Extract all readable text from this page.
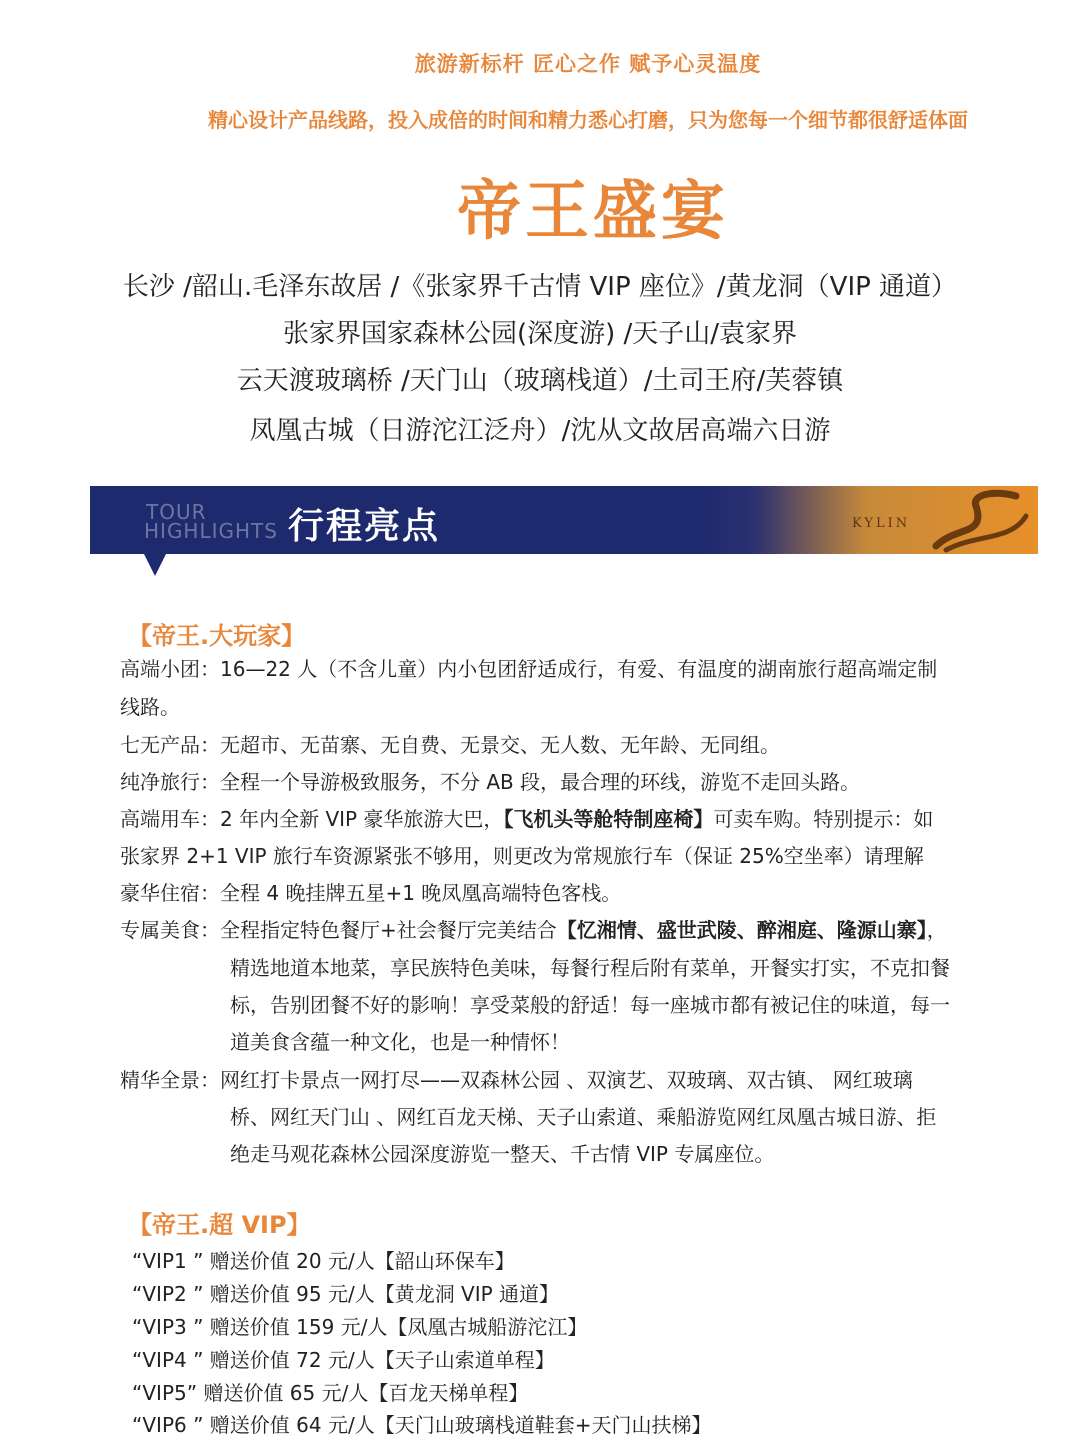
旅游新标杆 匠心之作 赋予心灵温度
精心设计产品线路，投入成倍的时间和精力悉心打磨，只为您每一个细节都很舒适体面
帝王盛宴
长沙 /韶山.毛泽东故居 /《张家界千古情 VIP 座位》/黄龙洞（VIP 通道）
张家界国家森林公园(深度游) /天子山/袁家界
云天渡玻璃桥 /天门山（玻璃栈道）/土司王府/芙蓉镇
凤凰古城（日游沱江泛舟）/沈从文故居高端六日游
TOUR
HIGHLIGHTS 行程亮点	KYLIN
【帝王.大玩家】
高端小团：16—22 人（不含儿童）内小包团舒适成行，有爱、有温度的湖南旅行超高端定制
线路。
七无产品：无超市、无苗寨、无自费、无景交、无人数、无年龄、无同组。
纯净旅行：全程一个导游极致服务，不分 AB 段，最合理的环线，游览不走回头路。
高端用车：2 年内全新 VIP 豪华旅游大巴，【飞机头等舱特制座椅】可卖车购。特别提示：如
张家界 2+1 VIP 旅行车资源紧张不够用，则更改为常规旅行车（保证 25%空坐率）请理解
豪华住宿：全程 4 晚挂牌五星+1 晚凤凰高端特色客栈。
专属美食：全程指定特色餐厅+社会餐厅完美结合【忆湘情、盛世武陵、醉湘庭、隆源山寨】，
精选地道本地菜，享民族特色美味，每餐行程后附有菜单，开餐实打实，不克扣餐
标，告别团餐不好的影响！享受菜般的舒适！每一座城市都有被记住的味道，每一
道美食含蕴一种文化，也是一种情怀！
精华全景：网红打卡景点一网打尽——双森林公园 、双演艺、双玻璃、双古镇、 网红玻璃
桥、网红天门山 、网红百龙天梯、天子山索道、乘船游览网红凤凰古城日游、拒
绝走马观花森林公园深度游览一整天、千古情 VIP 专属座位。
【帝王.超 VIP】
“VIP1 ” 赠送价值 20 元/人【韶山环保车】
“VIP2 ” 赠送价值 95 元/人【黄龙洞 VIP 通道】
“VIP3 ” 赠送价值 159 元/人【凤凰古城船游沱江】
“VIP4 ” 赠送价值 72 元/人【天子山索道单程】
“VIP5” 赠送价值 65 元/人【百龙天梯单程】
“VIP6 ” 赠送价值 64 元/人【天门山玻璃栈道鞋套+天门山扶梯】
